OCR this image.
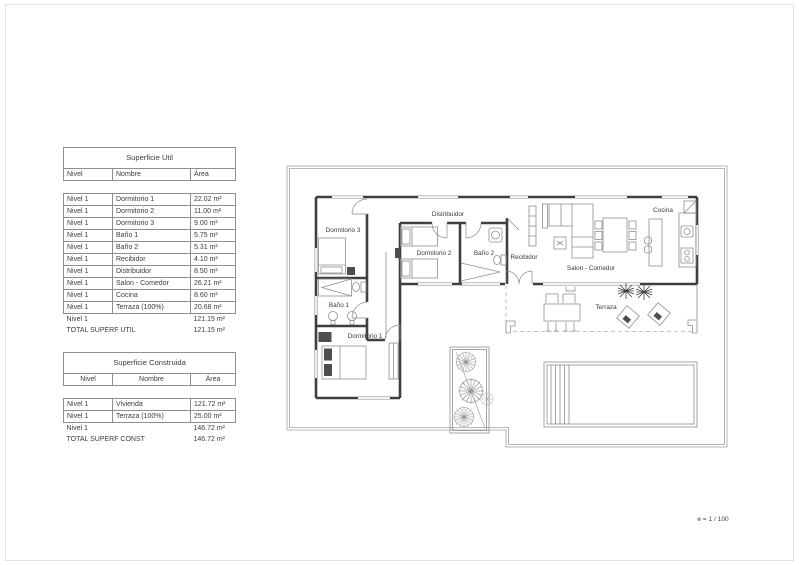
Superficie Util		
Nivel	Nombre	Área

Nivel 1	Dormitorio 1	22.02 m²
Nivel 1	Dormitorio 2	11.00 m²
Nivel 1	Dormitorio 3	9.00 m²
Nivel 1	Baño 1	5.75 m²
Nivel 1	Baño 2	5.31 m²
Nivel 1	Recibidor	4.10 m²
Nivel 1	Distribuidor	8.50 m²
Nivel 1	Salon - Comedor	26.21 m²
Nivel 1	Cocina	8.60 m²
Nivel 1	Terraza (100%)	20.68 m²
Nivel 1		121.15 m²
TOTAL SUPERF UTIL		121.15 m²
Superficie Construida		
Nivel	Nombre	Área

Nivel 1	Vivienda	121.72 m²
Nivel 1	Terraza (100%)	25.00 m²
Nivel 1		146.72 m²
TOTAL SUPERF CONST		146.72 m²
Distribuidor
Dormitorio 3
Dormitorio 2	Baño 2
Recibidor
Salon - Comedor
Cocina
Baño 1
Dormitorio 1
Terraza
e = 1 / 100
